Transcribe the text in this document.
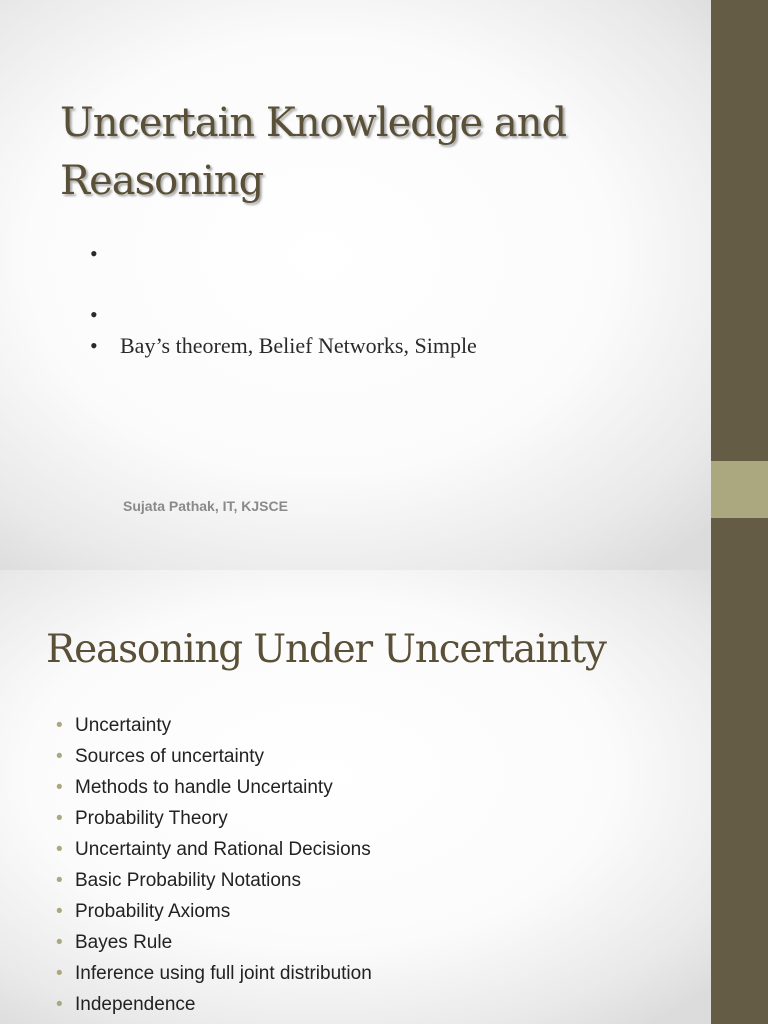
Uncertain Knowledge and Reasoning
•
•
• Bay’s theorem, Belief Networks, Simple
Sujata Pathak, IT, KJSCE
Reasoning Under Uncertainty
• Uncertainty
• Sources of uncertainty
• Methods to handle Uncertainty
• Probability Theory
• Uncertainty and Rational Decisions
• Basic Probability Notations
• Probability Axioms
• Bayes Rule
• Inference using full joint distribution
• Independence
